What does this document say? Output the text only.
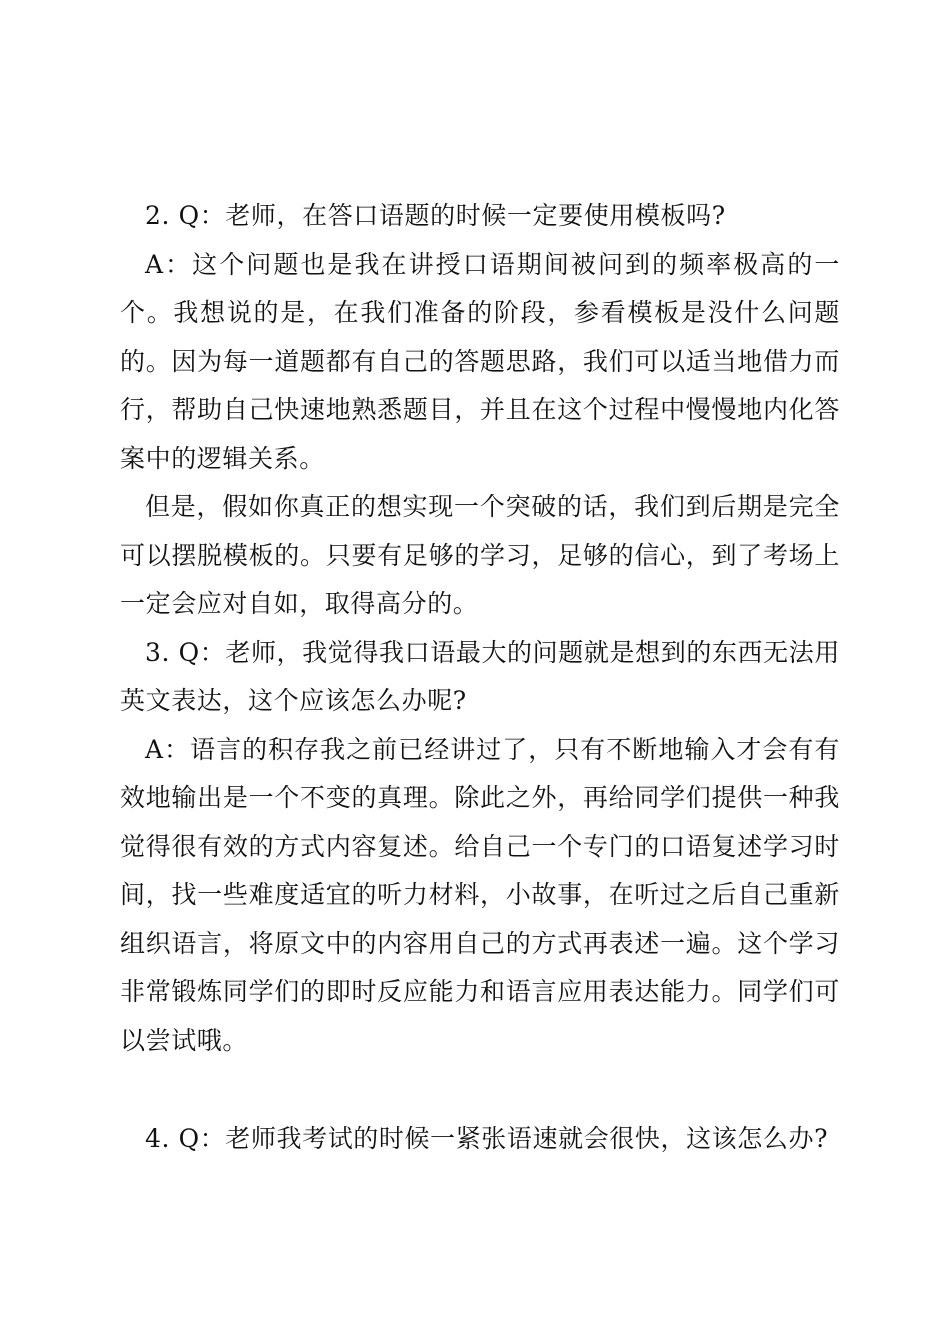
2. Q：老师，在答口语题的时候一定要使用模板吗?

A：这个问题也是我在讲授口语期间被问到的频率极高的一个。我想说的是，在我们准备的阶段，参看模板是没什么问题的。因为每一道题都有自己的答题思路，我们可以适当地借力而行，帮助自己快速地熟悉题目，并且在这个过程中慢慢地内化答案中的逻辑关系。

但是，假如你真正的想实现一个突破的话，我们到后期是完全可以摆脱模板的。只要有足够的学习，足够的信心，到了考场上一定会应对自如，取得高分的。

3. Q：老师，我觉得我口语最大的问题就是想到的东西无法用英文表达，这个应该怎么办呢?

A：语言的积存我之前已经讲过了，只有不断地输入才会有有效地输出是一个不变的真理。除此之外，再给同学们提供一种我觉得很有效的方式内容复述。给自己一个专门的口语复述学习时间，找一些难度适宜的听力材料，小故事，在听过之后自己重新组织语言，将原文中的内容用自己的方式再表述一遍。这个学习非常锻炼同学们的即时反应能力和语言应用表达能力。同学们可以尝试哦。

4. Q：老师我考试的时候一紧张语速就会很快，这该怎么办?
